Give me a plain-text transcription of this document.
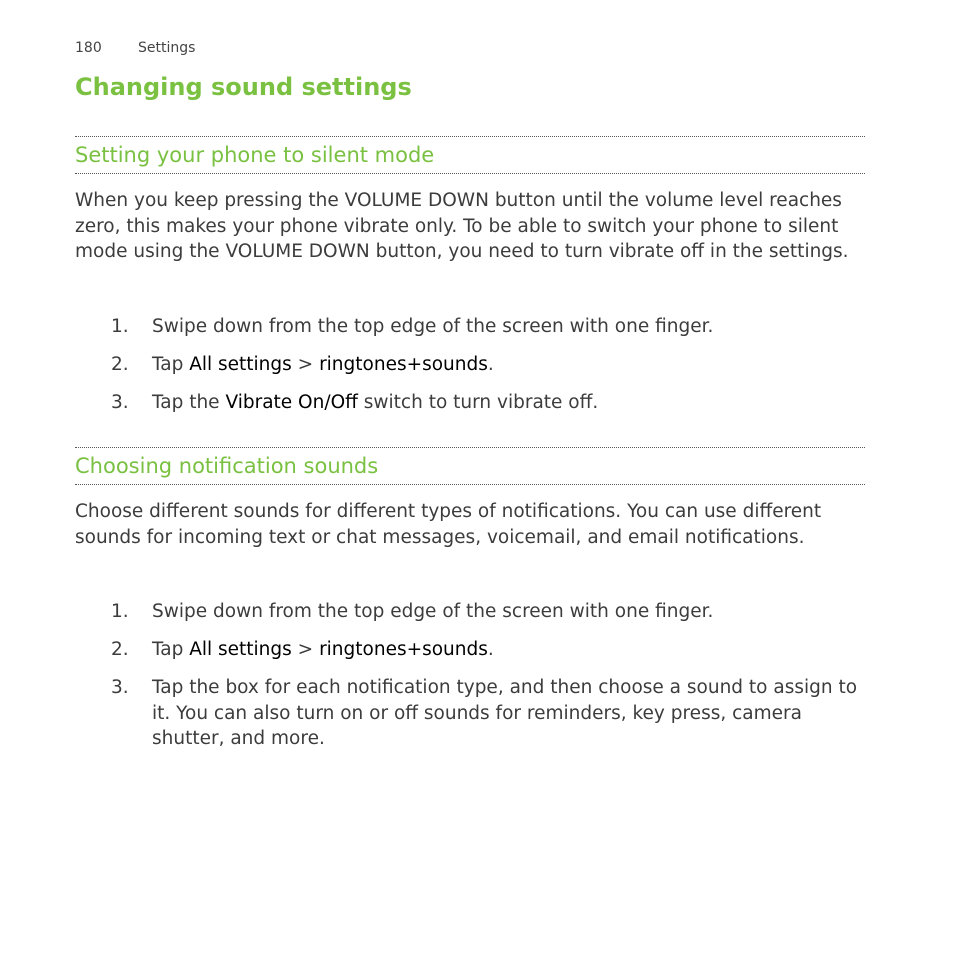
180	Settings
Changing sound settings
Setting your phone to silent mode

When you keep pressing the VOLUME DOWN button until the volume level reaches zero, this makes your phone vibrate only. To be able to switch your phone to silent mode using the VOLUME DOWN button, you need to turn vibrate off in the settings.

1. Swipe down from the top edge of the screen with one finger.
2. Tap All settings > ringtones+sounds.
3. Tap the Vibrate On/Off switch to turn vibrate off.
Choosing notification sounds

Choose different sounds for different types of notifications. You can use different sounds for incoming text or chat messages, voicemail, and email notifications.

1. Swipe down from the top edge of the screen with one finger.
2. Tap All settings > ringtones+sounds.
3. Tap the box for each notification type, and then choose a sound to assign to it. You can also turn on or off sounds for reminders, key press, camera shutter, and more.
